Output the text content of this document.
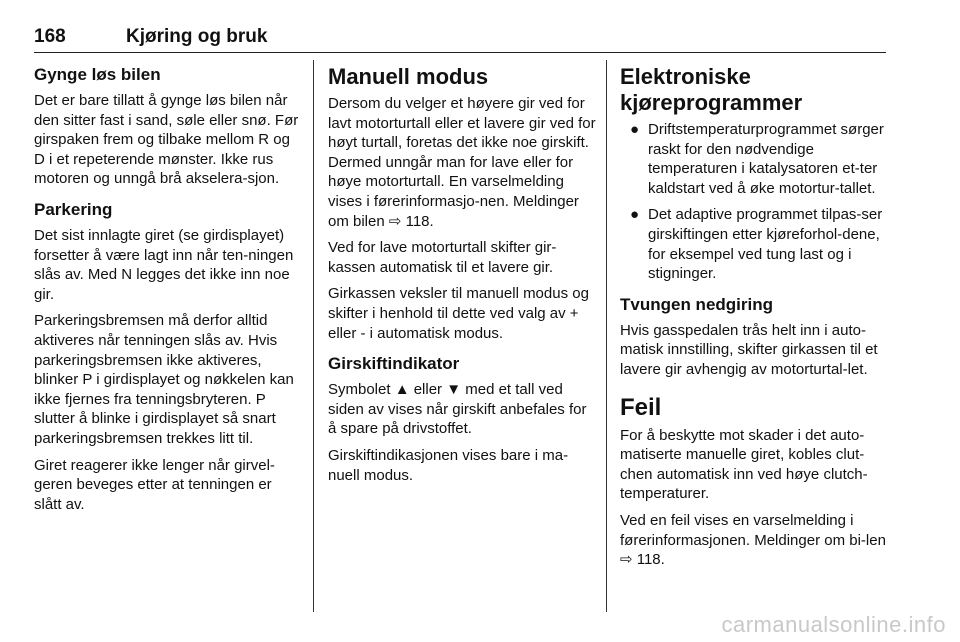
168	Kjøring og bruk
Gynge løs bilen

Det er bare tillatt å gynge løs bilen når den sitter fast i sand, søle eller snø. Før girspaken frem og tilbake mellom R og D i et repeterende mønster. Ikke rus motoren og unngå brå akselera-sjon.

Parkering

Det sist innlagte giret (se girdisplayet) forsetter å være lagt inn når ten-ningen slås av. Med N legges det ikke inn noe gir.

Parkeringsbremsen må derfor alltid aktiveres når tenningen slås av. Hvis parkeringsbremsen ikke aktiveres, blinker P i girdisplayet og nøkkelen kan ikke fjernes fra tenningsbryteren. P slutter å blinke i girdisplayet så snart parkeringsbremsen trekkes litt til.

Giret reagerer ikke lenger når girvel-geren beveges etter at tenningen er slått av.

Manuell modus

Dersom du velger et høyere gir ved for lavt motorturtall eller et lavere gir ved for høyt turtall, foretas det ikke noe girskift. Dermed unngår man for lave eller for høye motorturtall. En varselmelding vises i førerinformasjo-nen. Meldinger om bilen ⇨ 118.

Ved for lave motorturtall skifter gir-kassen automatisk til et lavere gir.

Girkassen veksler til manuell modus og skifter i henhold til dette ved valg av + eller - i automatisk modus.

Girskiftindikator

Symbolet ▲ eller ▼ med et tall ved siden av vises når girskift anbefales for å spare på drivstoffet.

Girskiftindikasjonen vises bare i ma-nuell modus.

Elektroniske kjøreprogrammer
● Driftstemperaturprogrammet sørger raskt for den nødvendige temperaturen i katalysatoren et-ter kaldstart ved å øke motortur-tallet.
● Det adaptive programmet tilpas-ser girskiftingen etter kjøreforhol-dene, for eksempel ved tung last og i stigninger.
Tvungen nedgiring

Hvis gasspedalen trås helt inn i auto-matisk innstilling, skifter girkassen til et lavere gir avhengig av motorturtal-let.

Feil

For å beskytte mot skader i det auto-matiserte manuelle giret, kobles clut-chen automatisk inn ved høye clutch-temperaturer.

Ved en feil vises en varselmelding i førerinformasjonen. Meldinger om bi-len ⇨ 118.

carmanualsonline.info
